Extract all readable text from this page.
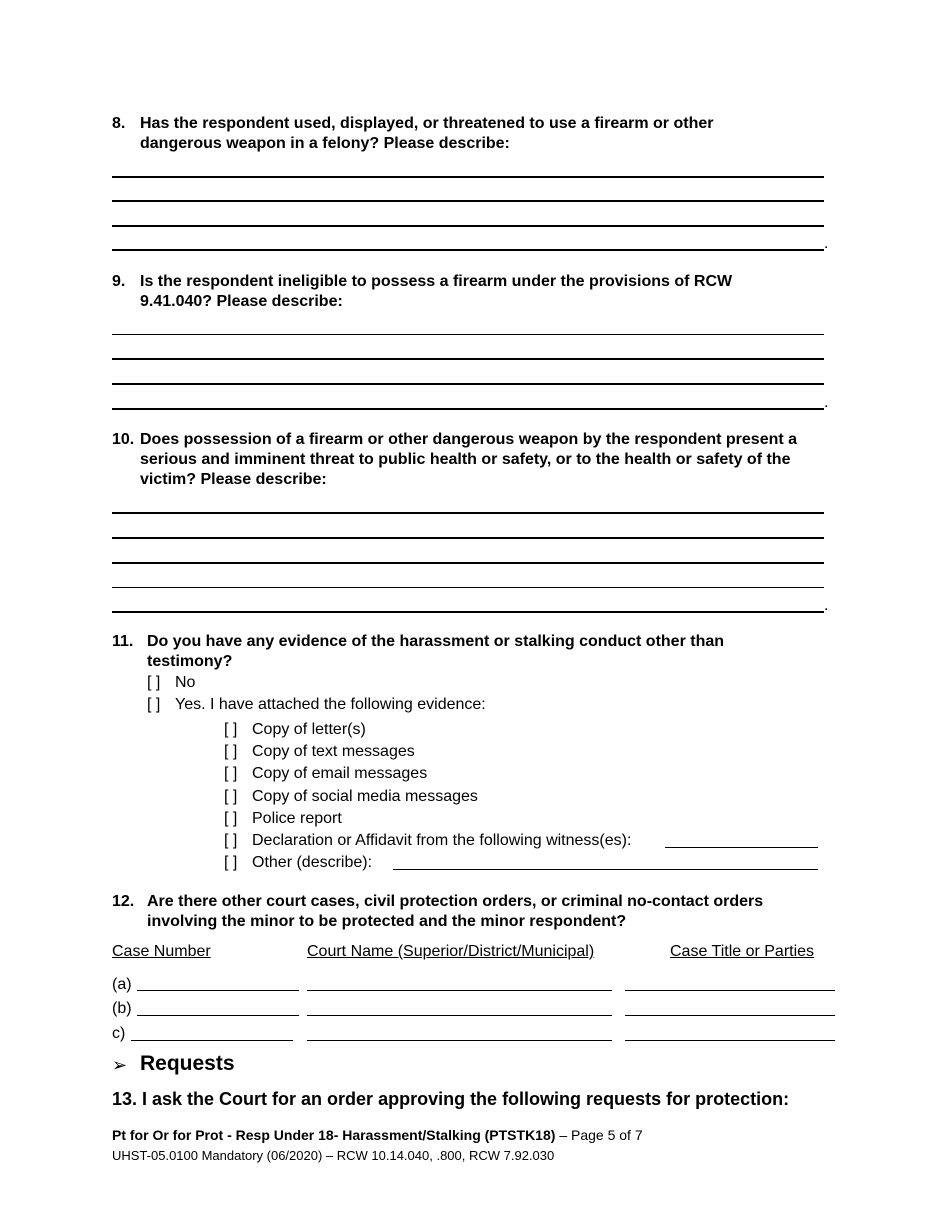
8. Has the respondent used, displayed, or threatened to use a firearm or other dangerous weapon in a felony? Please describe:
.
9. Is the respondent ineligible to possess a firearm under the provisions of RCW 9.41.040? Please describe:
.
10. Does possession of a firearm or other dangerous weapon by the respondent present a serious and imminent threat to public health or safety, or to the health or safety of the victim? Please describe:
.
11. Do you have any evidence of the harassment or stalking conduct other than testimony?
[ ] No
[ ] Yes. I have attached the following evidence:
[ ] Copy of letter(s)
[ ] Copy of text messages
[ ] Copy of email messages
[ ] Copy of social media messages
[ ] Police report
[ ] Declaration or Affidavit from the following witness(es):
[ ] Other (describe):
12. Are there other court cases, civil protection orders, or criminal no-contact orders involving the minor to be protected and the minor respondent?
Case Number	Court Name (Superior/District/Municipal)	Case Title or Parties
(a)
(b)
c)
➢ Requests
13. I ask the Court for an order approving the following requests for protection:
Pt for Or for Prot - Resp Under 18- Harassment/Stalking (PTSTK18) – Page 5 of 7
UHST-05.0100 Mandatory (06/2020) – RCW 10.14.040, .800, RCW 7.92.030
